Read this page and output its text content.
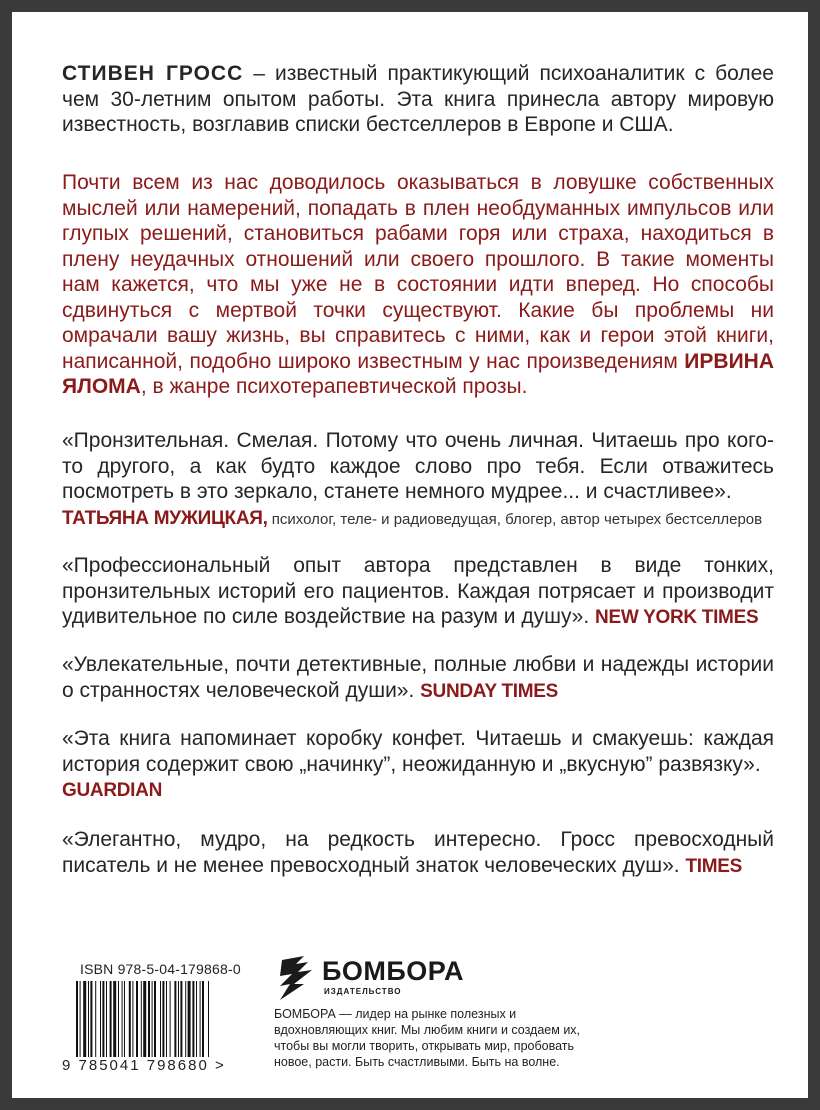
СТИВЕН ГРОСС – известный практикующий психоаналитик с более чем 30-летним опытом работы. Эта книга принесла автору мировую известность, возглавив списки бестселлеров в Европе и США.

Почти всем из нас доводилось оказываться в ловушке собственных мыслей или намерений, попадать в плен необдуманных импульсов или глупых решений, становиться рабами горя или страха, находиться в плену неудачных отношений или своего прошлого. В такие моменты нам кажется, что мы уже не в состоянии идти вперед. Но способы сдвинуться с мертвой точки существуют. Какие бы проблемы ни омрачали вашу жизнь, вы справитесь с ними, как и герои этой книги, написанной, подобно широко известным у нас произведениям ИРВИНА ЯЛОМА, в жанре психотерапевтической прозы.

«Пронзительная. Смелая. Потому что очень личная. Читаешь про кого-то другого, а как будто каждое слово про тебя. Если отважитесь посмотреть в это зеркало, станете немного мудрее... и счастливее».
ТАТЬЯНА МУЖИЦКАЯ, психолог, теле- и радиоведущая, блогер, автор четырех бестселлеров

«Профессиональный опыт автора представлен в виде тонких, пронзительных историй его пациентов. Каждая потрясает и производит удивительное по силе воздействие на разум и душу». NEW YORK TIMES

«Увлекательные, почти детективные, полные любви и надежды истории о странностях человеческой души». SUNDAY TIMES

«Эта книга напоминает коробку конфет. Читаешь и смакуешь: каждая история содержит свою „начинку”, неожиданную и „вкусную” развязку».
GUARDIAN

«Элегантно, мудро, на редкость интересно. Гросс превосходный писатель и не менее превосходный знаток человеческих душ». TIMES

ISBN 978-5-04-179868-0
9 785041 798680 >
БОМБОРА
ИЗДАТЕЛЬСТВО
БОМБОРА — лидер на рынке полезных и вдохновляющих книг. Мы любим книги и создаем их, чтобы вы могли творить, открывать мир, пробовать новое, расти. Быть счастливыми. Быть на волне.
